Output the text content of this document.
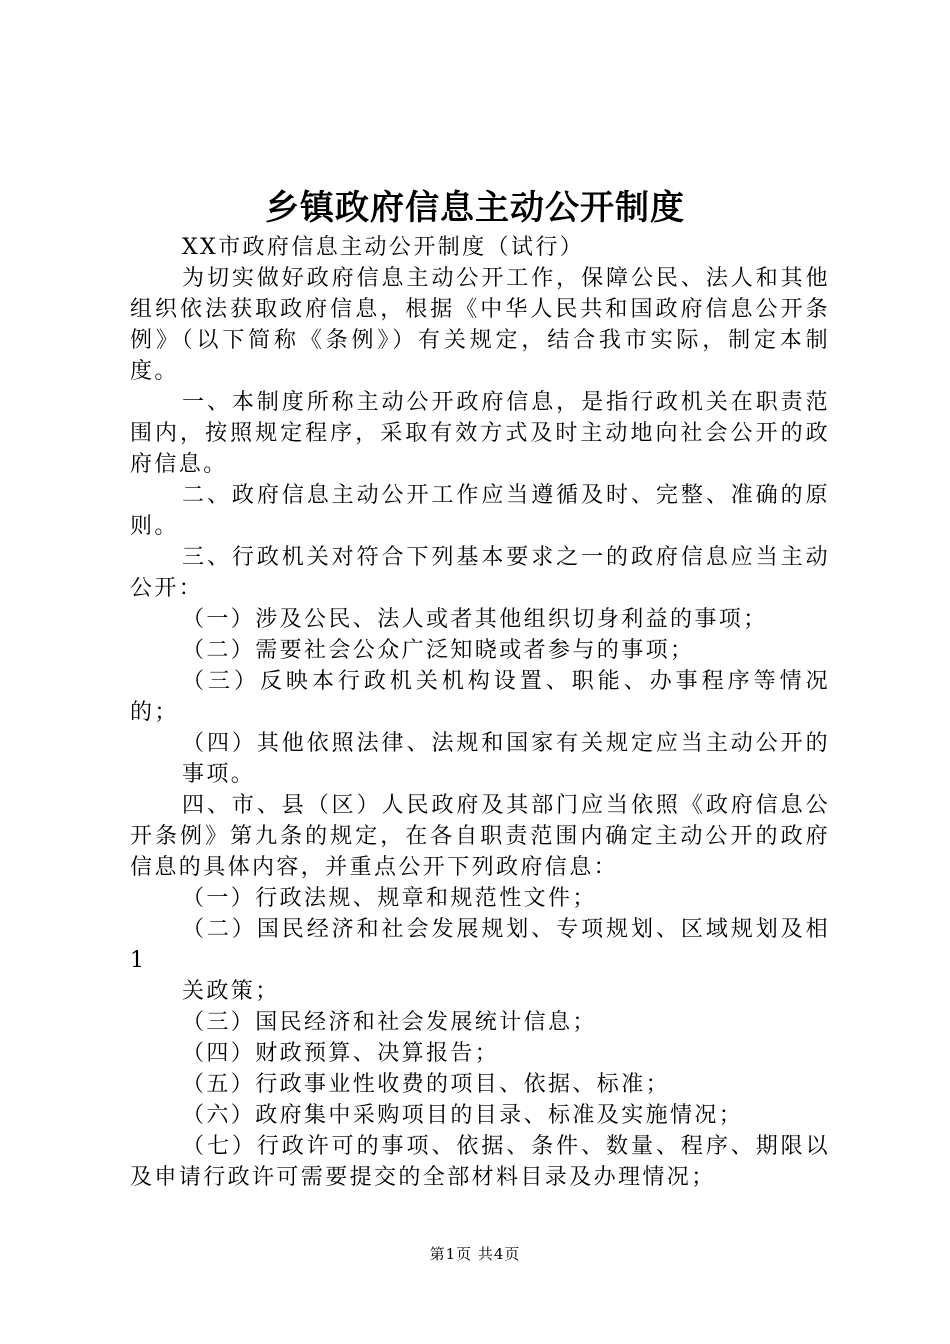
乡镇政府信息主动公开制度

XX市政府信息主动公开制度（试行）

为切实做好政府信息主动公开工作，保障公民、法人和其他组织依法获取政府信息，根据《中华人民共和国政府信息公开条例》（以下简称《条例》）有关规定，结合我市实际，制定本制度。

一、本制度所称主动公开政府信息，是指行政机关在职责范围内，按照规定程序，采取有效方式及时主动地向社会公开的政府信息。

二、政府信息主动公开工作应当遵循及时、完整、准确的原则。

三、行政机关对符合下列基本要求之一的政府信息应当主动公开：

（一）涉及公民、法人或者其他组织切身利益的事项；

（二）需要社会公众广泛知晓或者参与的事项；

（三）反映本行政机关机构设置、职能、办事程序等情况的；

（四）其他依照法律、法规和国家有关规定应当主动公开的事项。

四、市、县（区）人民政府及其部门应当依照《政府信息公开条例》第九条的规定，在各自职责范围内确定主动公开的政府信息的具体内容，并重点公开下列政府信息：

（一）行政法规、规章和规范性文件；

（二）国民经济和社会发展规划、专项规划、区域规划及相1

关政策；

（三）国民经济和社会发展统计信息；

（四）财政预算、决算报告；

（五）行政事业性收费的项目、依据、标准；

（六）政府集中采购项目的目录、标准及实施情况；

（七）行政许可的事项、依据、条件、数量、程序、期限以及申请行政许可需要提交的全部材料目录及办理情况；

第1页 共4页
